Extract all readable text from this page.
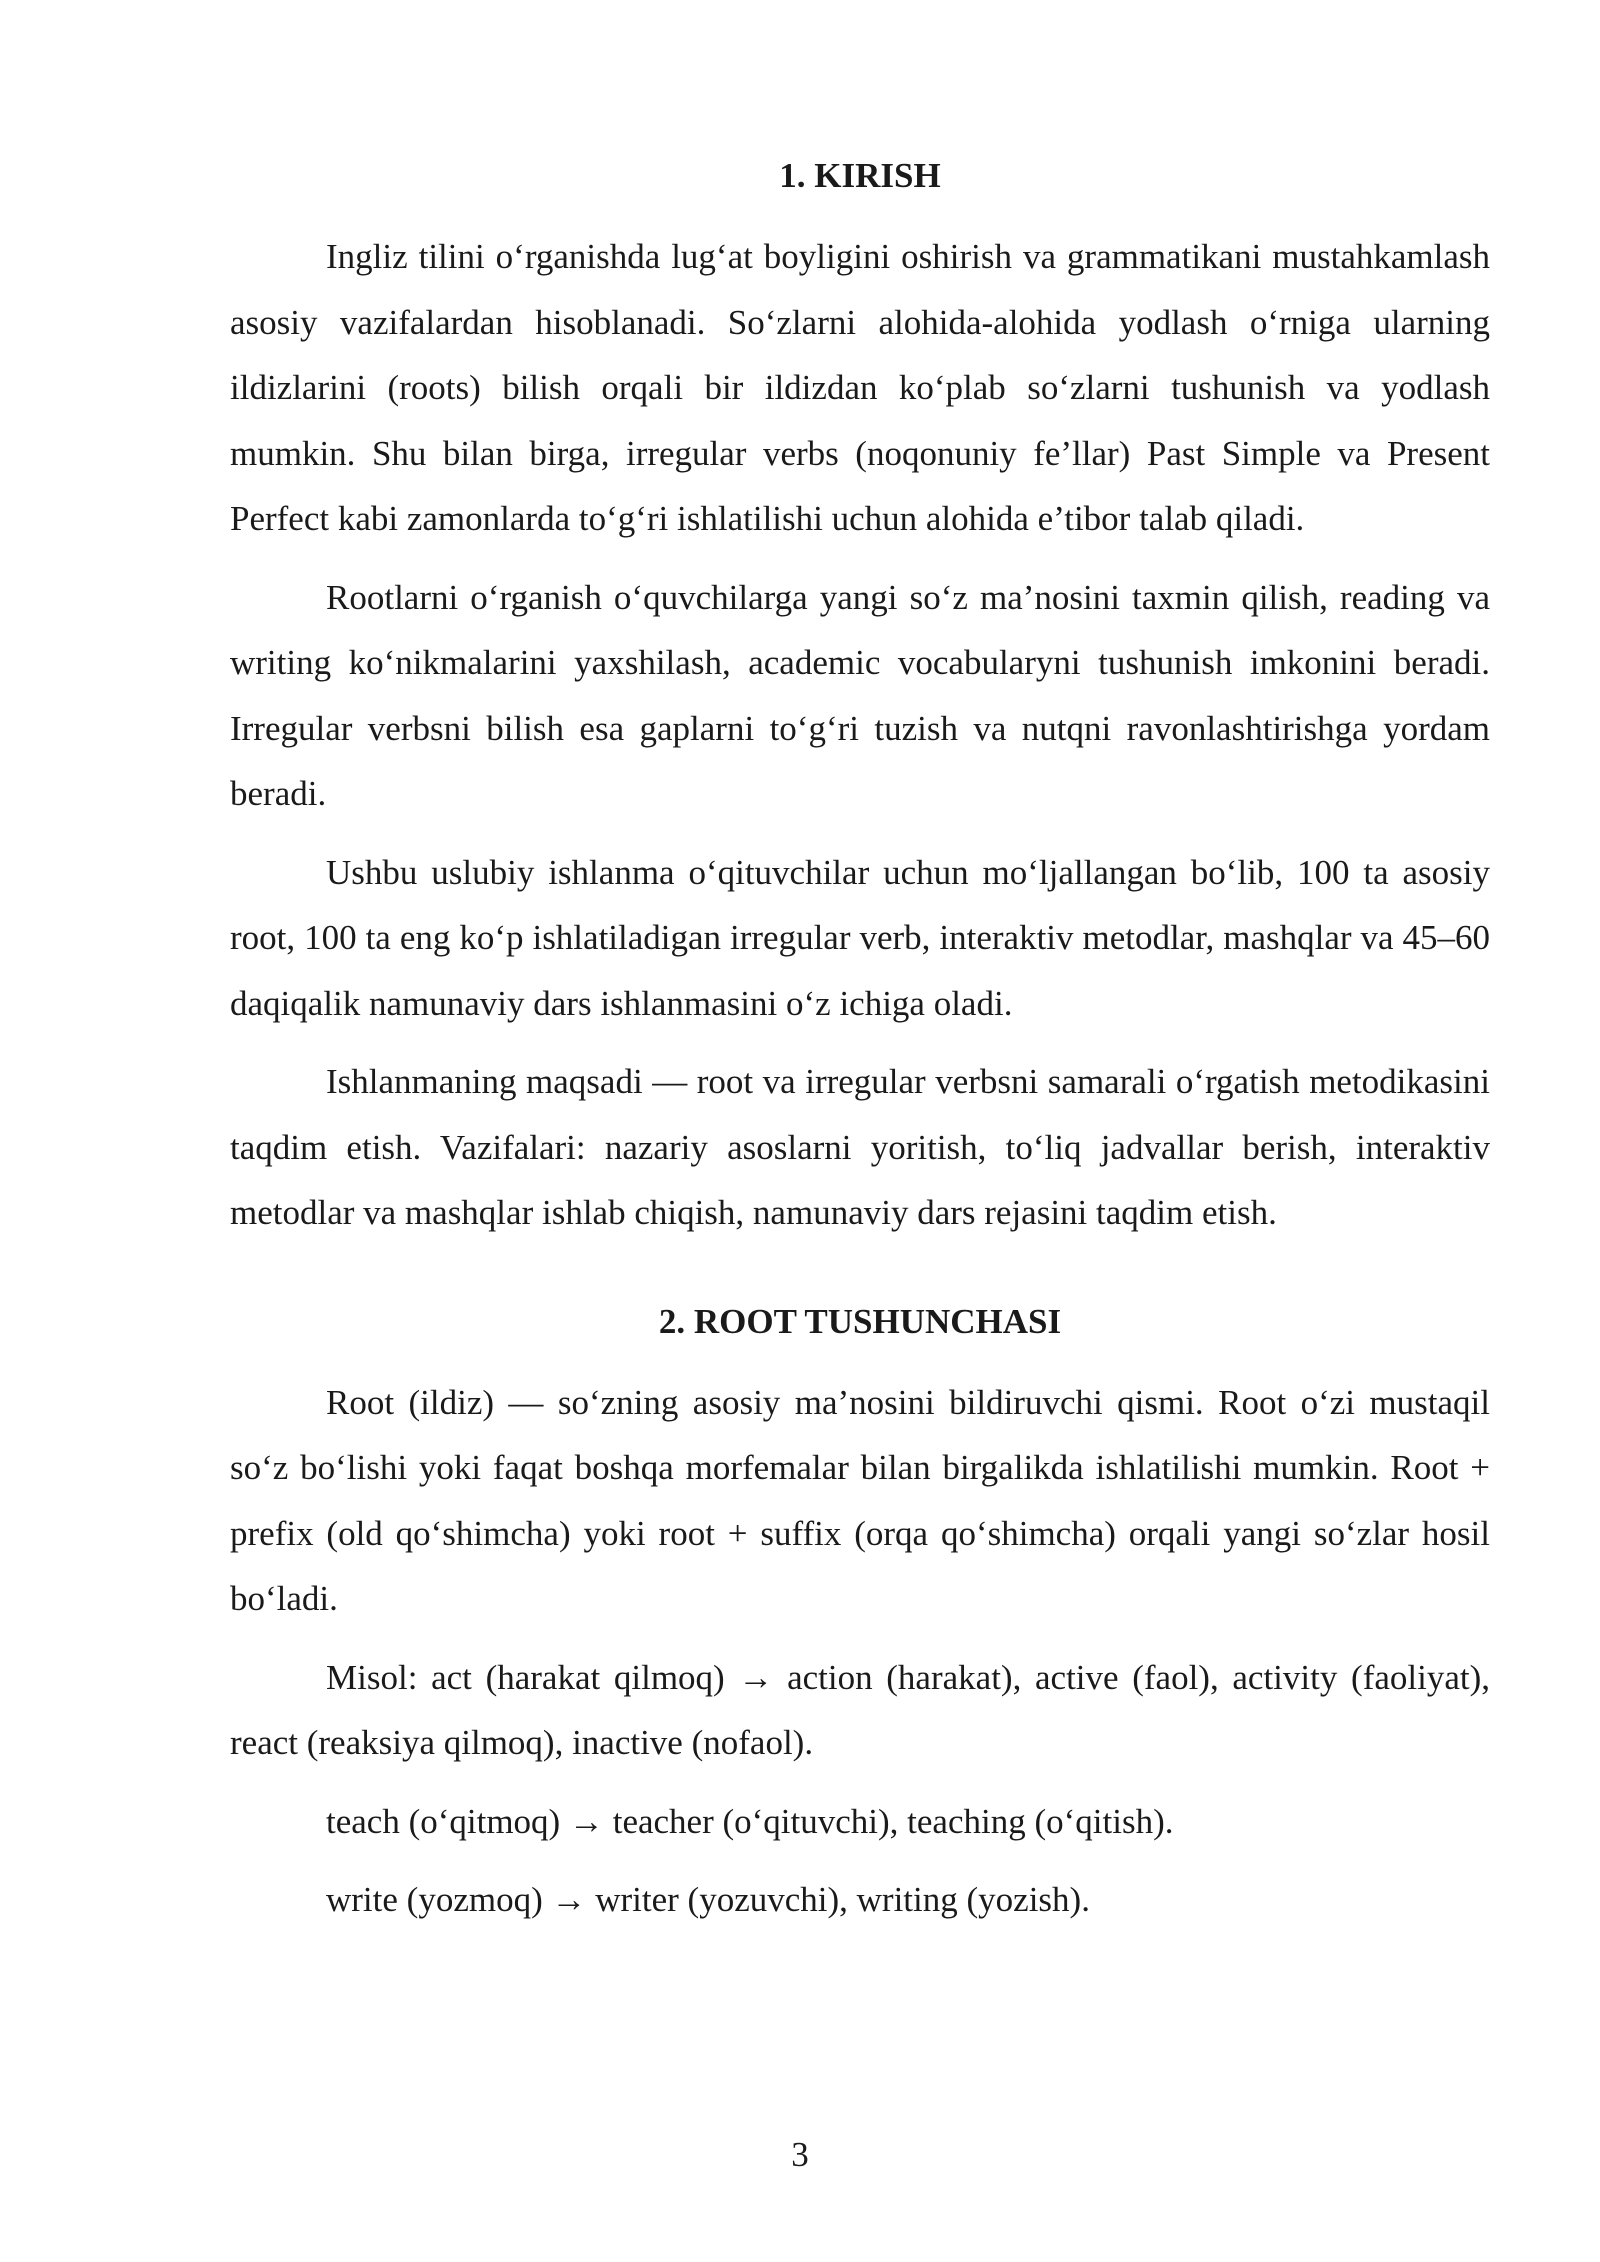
1. KIRISH

Ingliz tilini o‘rganishda lug‘at boyligini oshirish va grammatikani mustahkamlash asosiy vazifalardan hisoblanadi. So‘zlarni alohida-alohida yodlash o‘rniga ularning ildizlarini (roots) bilish orqali bir ildizdan ko‘plab so‘zlarni tushunish va yodlash mumkin. Shu bilan birga, irregular verbs (noqonuniy fe’llar) Past Simple va Present Perfect kabi zamonlarda to‘g‘ri ishlatilishi uchun alohida e’tibor talab qiladi.

Rootlarni o‘rganish o‘quvchilarga yangi so‘z ma’nosini taxmin qilish, reading va writing ko‘nikmalarini yaxshilash, academic vocabularyni tushunish imkonini beradi. Irregular verbsni bilish esa gaplarni to‘g‘ri tuzish va nutqni ravonlashtirishga yordam beradi.

Ushbu uslubiy ishlanma o‘qituvchilar uchun mo‘ljallangan bo‘lib, 100 ta asosiy root, 100 ta eng ko‘p ishlatiladigan irregular verb, interaktiv metodlar, mashqlar va 45–60 daqiqalik namunaviy dars ishlanmasini o‘z ichiga oladi.

Ishlanmaning maqsadi — root va irregular verbsni samarali o‘rgatish metodikasini taqdim etish. Vazifalari: nazariy asoslarni yoritish, to‘liq jadvallar berish, interaktiv metodlar va mashqlar ishlab chiqish, namunaviy dars rejasini taqdim etish.

2. ROOT TUSHUNCHASI

Root (ildiz) — so‘zning asosiy ma’nosini bildiruvchi qismi. Root o‘zi mustaqil so‘z bo‘lishi yoki faqat boshqa morfemalar bilan birgalikda ishlatilishi mumkin. Root + prefix (old qo‘shimcha) yoki root + suffix (orqa qo‘shimcha) orqali yangi so‘zlar hosil bo‘ladi.

Misol: act (harakat qilmoq) → action (harakat), active (faol), activity (faoliyat), react (reaksiya qilmoq), inactive (nofaol).

teach (o‘qitmoq) → teacher (o‘qituvchi), teaching (o‘qitish).

write (yozmoq) → writer (yozuvchi), writing (yozish).

3
